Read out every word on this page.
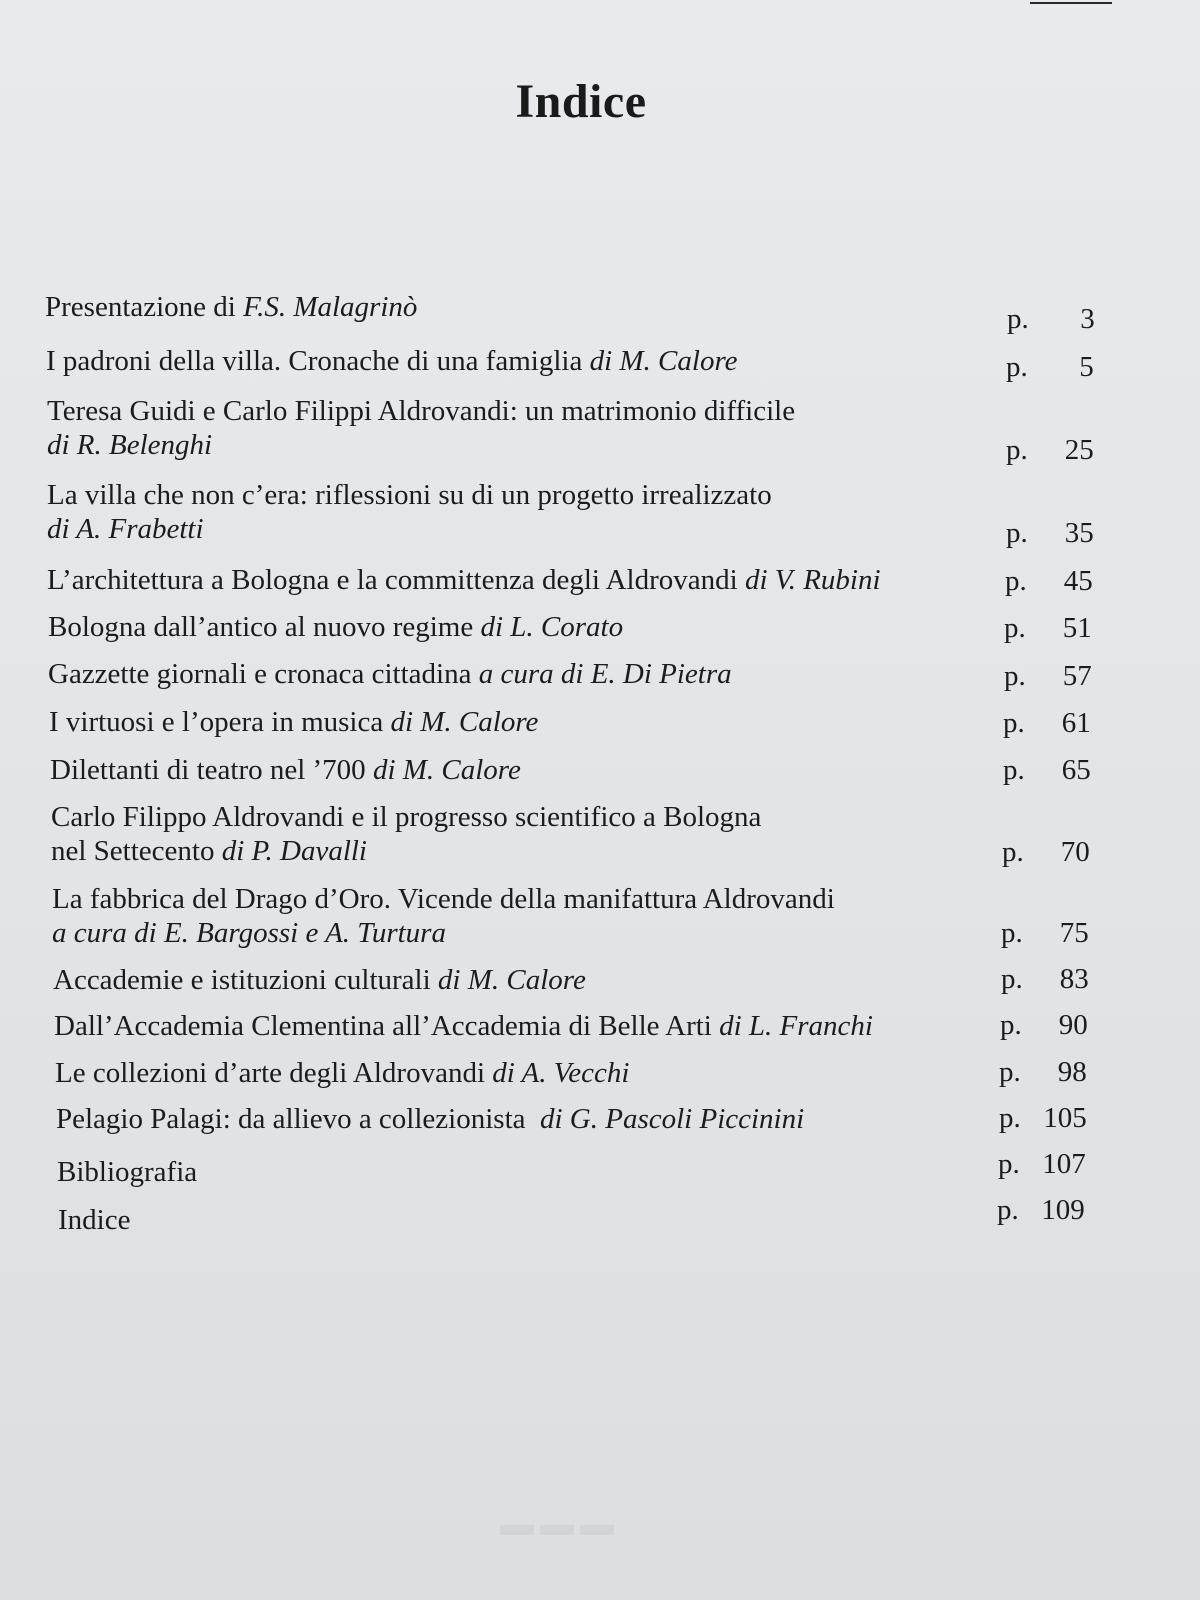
▬▬▬
Indice
Presentazione di F.S. Malagrinò	p. 3
I padroni della villa. Cronache di una famiglia di M. Calore	p. 5
Teresa Guidi e Carlo Filippi Aldrovandi: un matrimonio difficile
di R. Belenghi	p. 25
La villa che non c’era: riflessioni su di un progetto irrealizzato
di A. Frabetti	p. 35
L’architettura a Bologna e la committenza degli Aldrovandi di V. Rubini	p. 45
Bologna dall’antico al nuovo regime di L. Corato	p. 51
Gazzette giornali e cronaca cittadina a cura di E. Di Pietra	p. 57
I virtuosi e l’opera in musica di M. Calore	p. 61
Dilettanti di teatro nel ’700 di M. Calore	p. 65
Carlo Filippo Aldrovandi e il progresso scientifico a Bologna
nel Settecento di P. Davalli	p. 70
La fabbrica del Drago d’Oro. Vicende della manifattura Aldrovandi
a cura di E. Bargossi e A. Turtura	p. 75
Accademie e istituzioni culturali di M. Calore	p. 83
Dall’Accademia Clementina all’Accademia di Belle Arti di L. Franchi	p. 90
Le collezioni d’arte degli Aldrovandi di A. Vecchi	p. 98
Pelagio Palagi: da allievo a collezionista  di G. Pascoli Piccinini	p. 105
Bibliografia	p. 107
Indice	p. 109
